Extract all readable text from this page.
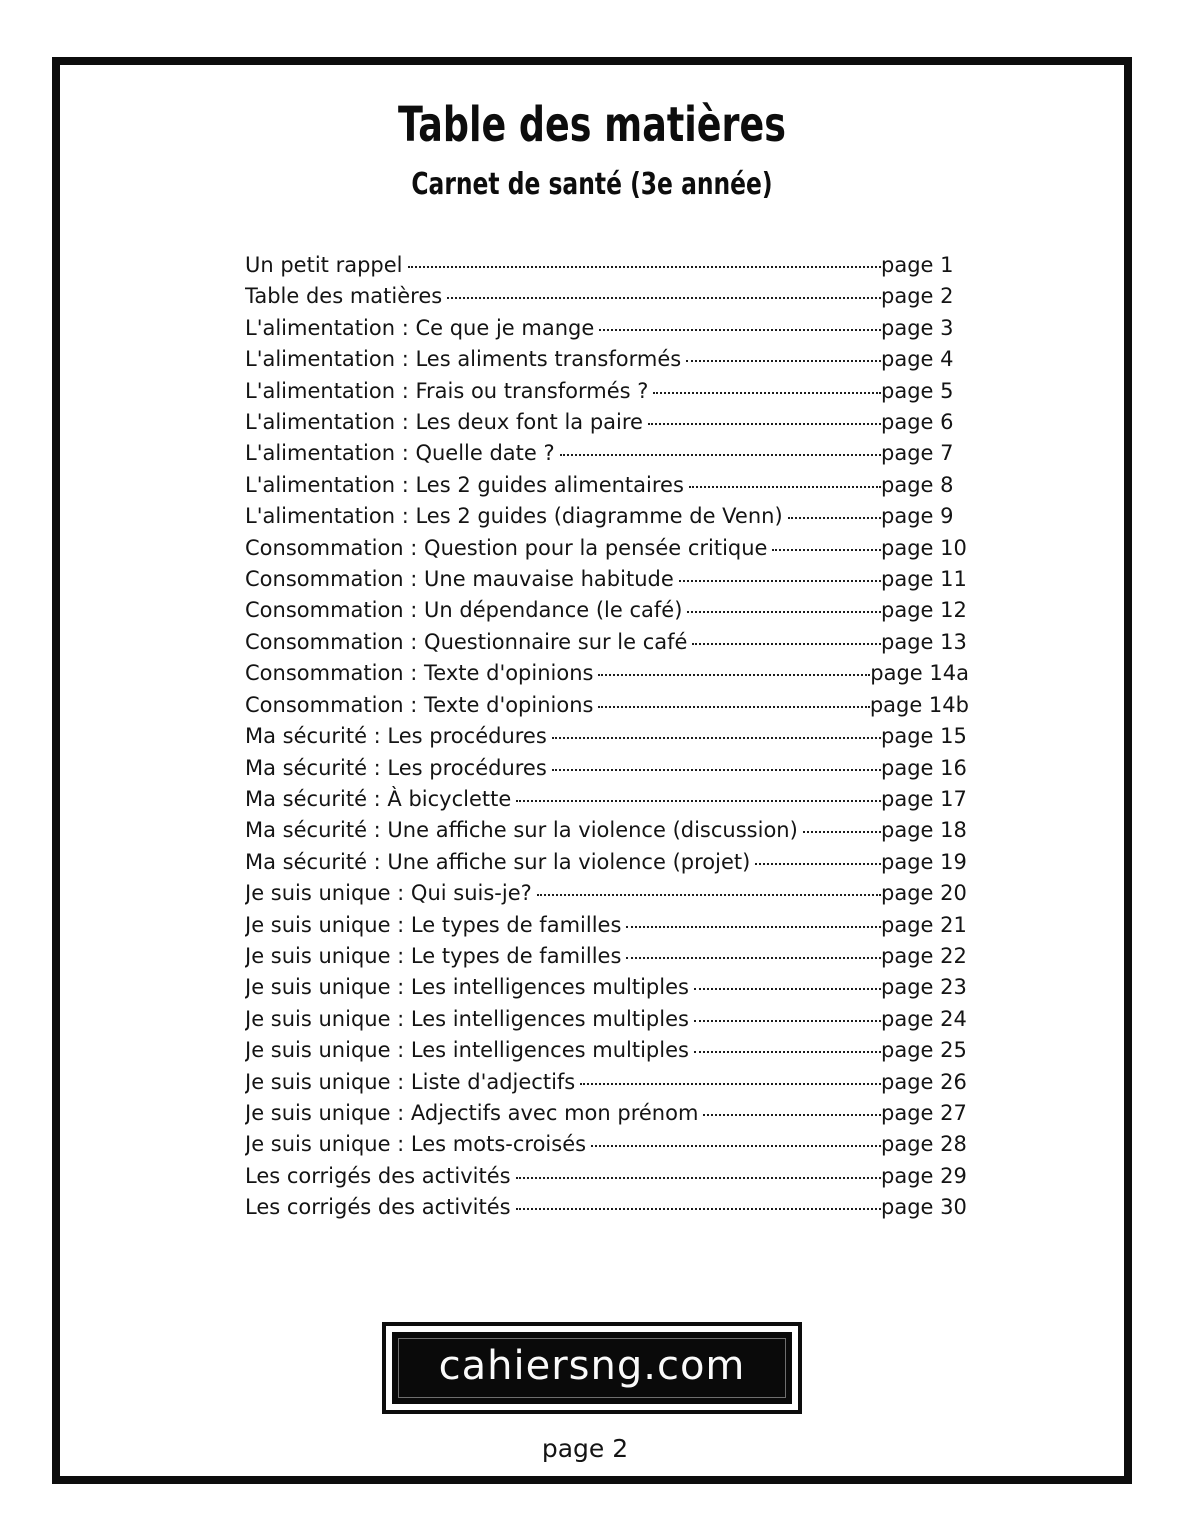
Table des matières
Carnet de santé (3e année)
Un petit rappel	page 1
Table des matières	page 2
L'alimentation : Ce que je mange	page 3
L'alimentation : Les aliments transformés	page 4
L'alimentation : Frais ou transformés ?	page 5
L'alimentation : Les deux font la paire	page 6
L'alimentation : Quelle date ?	page 7
L'alimentation : Les 2 guides alimentaires	page 8
L'alimentation : Les 2 guides (diagramme de Venn)	page 9
Consommation : Question pour la pensée critique	page 10
Consommation : Une mauvaise habitude	page 11
Consommation : Un dépendance (le café)	page 12
Consommation : Questionnaire sur le café	page 13
Consommation : Texte d'opinions	page 14a
Consommation : Texte d'opinions	page 14b
Ma sécurité : Les procédures	page 15
Ma sécurité : Les procédures	page 16
Ma sécurité : À bicyclette	page 17
Ma sécurité : Une affiche sur la violence (discussion)	page 18
Ma sécurité : Une affiche sur la violence (projet)	page 19
Je suis unique : Qui suis-je?	page 20
Je suis unique : Le types de familles	page 21
Je suis unique : Le types de familles	page 22
Je suis unique : Les intelligences multiples	page 23
Je suis unique : Les intelligences multiples	page 24
Je suis unique : Les intelligences multiples	page 25
Je suis unique : Liste d'adjectifs	page 26
Je suis unique : Adjectifs avec mon prénom	page 27
Je suis unique : Les mots-croisés	page 28
Les corrigés des activités	page 29
Les corrigés des activités	page 30
cahiersng.com
page 2
